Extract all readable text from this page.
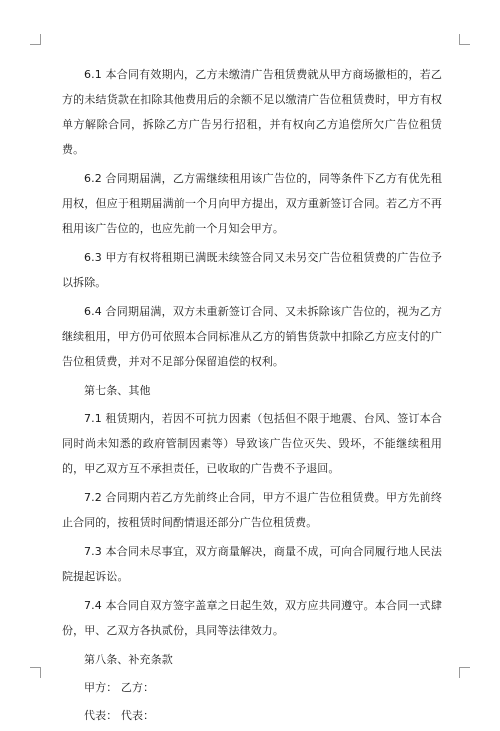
6.1 本合同有效期内，乙方未缴清广告租赁费就从甲方商场撤柜的，若乙方的未结货款在扣除其他费用后的余额不足以缴清广告位租赁费时，甲方有权单方解除合同，拆除乙方广告另行招租，并有权向乙方追偿所欠广告位租赁费。

6.2 合同期届满，乙方需继续租用该广告位的，同等条件下乙方有优先租用权，但应于租期届满前一个月向甲方提出，双方重新签订合同。若乙方不再租用该广告位的，也应先前一个月知会甲方。

6.3 甲方有权将租期已满既未续签合同又未另交广告位租赁费的广告位予以拆除。

6.4 合同期届满，双方未重新签订合同、又未拆除该广告位的，视为乙方继续租用，甲方仍可依照本合同标准从乙方的销售货款中扣除乙方应支付的广告位租赁费，并对不足部分保留追偿的权利。

第七条、其他

7.1 租赁期内，若因不可抗力因素（包括但不限于地震、台风、签订本合同时尚未知悉的政府管制因素等）导致该广告位灭失、毁坏，不能继续租用的，甲乙双方互不承担责任，已收取的广告费不予退回。

7.2 合同期内若乙方先前终止合同，甲方不退广告位租赁费。甲方先前终止合同的，按租赁时间酌情退还部分广告位租赁费。

7.3 本合同未尽事宜，双方商量解决，商量不成，可向合同履行地人民法院提起诉讼。

7.4 本合同自双方签字盖章之日起生效，双方应共同遵守。本合同一式肆份，甲、乙双方各执贰份，具同等法律效力。

第八条、补充条款

甲方： 乙方：

代表： 代表：
